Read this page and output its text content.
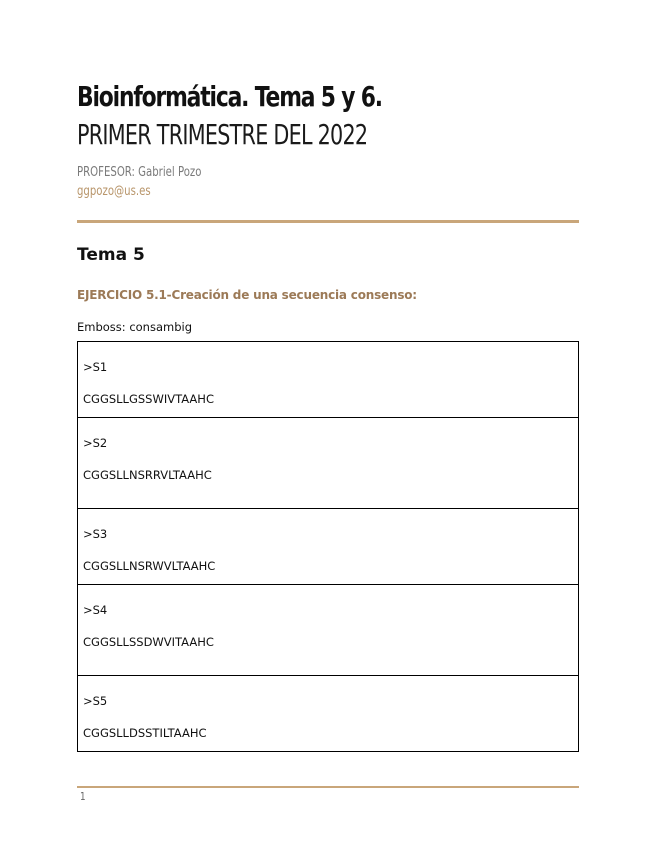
Bioinformática. Tema 5 y 6.
PRIMER TRIMESTRE DEL 2022
PROFESOR: Gabriel Pozo
ggpozo@us.es
Tema 5
EJERCICIO 5.1-Creación de una secuencia consenso:
Emboss: consambig
>S1
CGGSLLGSSWIVTAAHC

>S2
CGGSLLNSRRVLTAAHC

>S3
CGGSLLNSRWVLTAAHC

>S4
CGGSLLSSDWVITAAHC

>S5
CGGSLLDSSTILTAAHC
1
